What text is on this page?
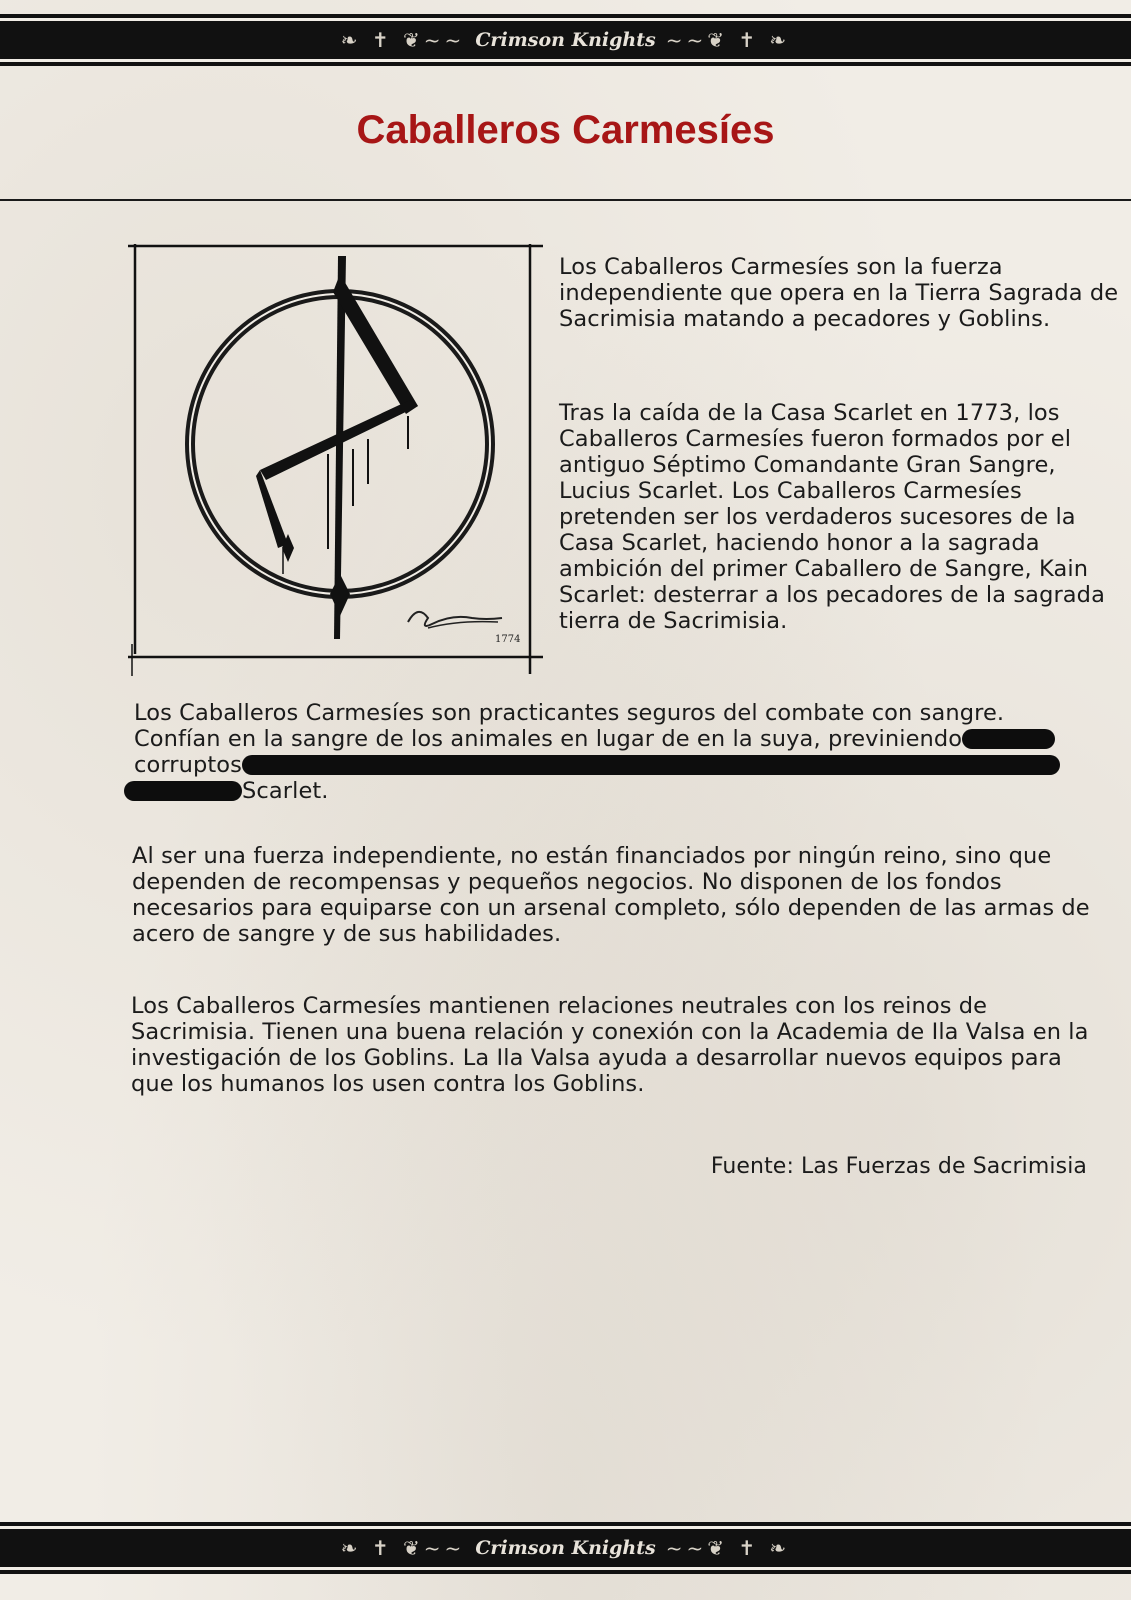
❧ ✝ ❦~~ Crimson Knights ~~❦ ✝ ❧
Caballeros Carmesíes
1774

Los Caballeros Carmesíes son la fuerza independiente que opera en la Tierra Sagrada de Sacrimisia matando a pecadores y Goblins.

Tras la caída de la Casa Scarlet en 1773, los Caballeros Carmesíes fueron formados por el antiguo Séptimo Comandante Gran Sangre, Lucius Scarlet. Los Caballeros Carmesíes pretenden ser los verdaderos sucesores de la Casa Scarlet, haciendo honor a la sagrada ambición del primer Caballero de Sangre, Kain Scarlet: desterrar a los pecadores de la sagrada tierra de Sacrimisia.

Los Caballeros Carmesíes son practicantes seguros del combate con sangre.
Confían en la sangre de los animales en lugar de en la suya, previniendo
corruptos
Scarlet.

Al ser una fuerza independiente, no están financiados por ningún reino, sino que dependen de recompensas y pequeños negocios. No disponen de los fondos necesarios para equiparse con un arsenal completo, sólo dependen de las armas de acero de sangre y de sus habilidades.

Los Caballeros Carmesíes mantienen relaciones neutrales con los reinos de Sacrimisia. Tienen una buena relación y conexión con la Academia de Ila Valsa en la investigación de los Goblins. La Ila Valsa ayuda a desarrollar nuevos equipos para que los humanos los usen contra los Goblins.

Fuente: Las Fuerzas de Sacrimisia

❧ ✝ ❦~~ Crimson Knights ~~❦ ✝ ❧
